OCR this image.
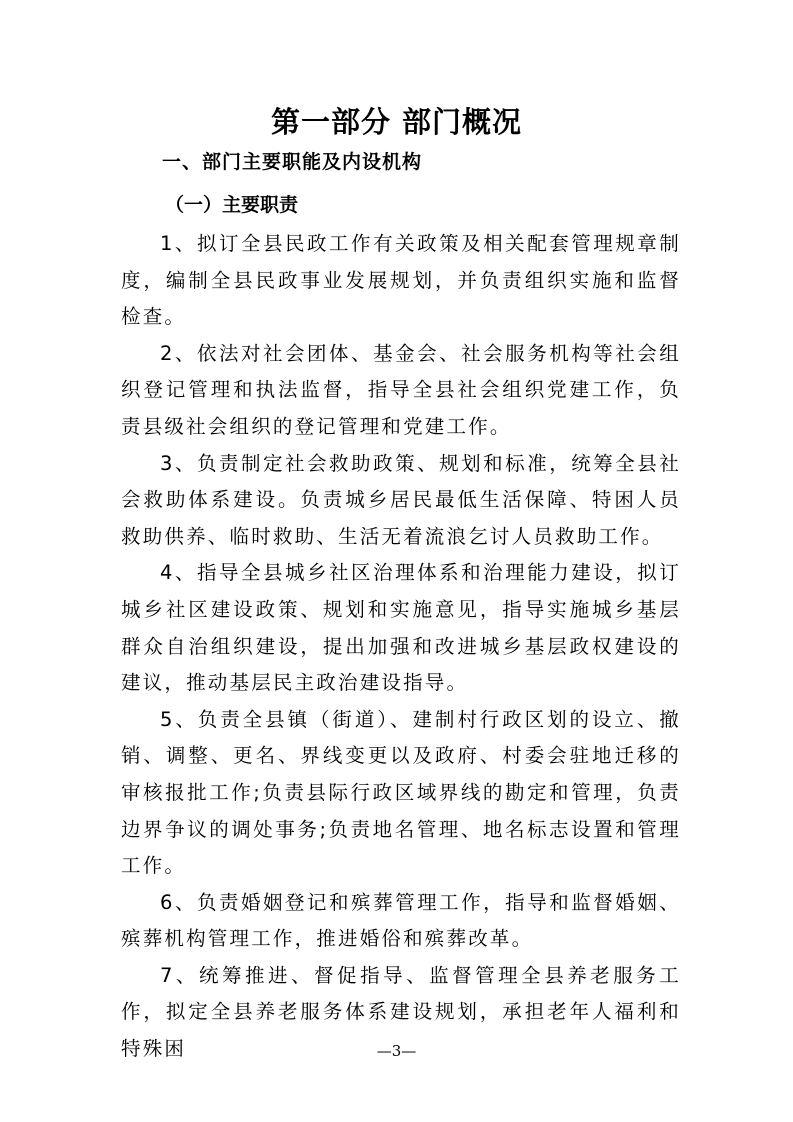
第一部分 部门概况
一、部门主要职能及内设机构
（一）主要职责

1、拟订全县民政工作有关政策及相关配套管理规章制度，编制全县民政事业发展规划，并负责组织实施和监督检查。

2、依法对社会团体、基金会、社会服务机构等社会组织登记管理和执法监督，指导全县社会组织党建工作，负责县级社会组织的登记管理和党建工作。

3、负责制定社会救助政策、规划和标准，统筹全县社会救助体系建设。负责城乡居民最低生活保障、特困人员救助供养、临时救助、生活无着流浪乞讨人员救助工作。

4、指导全县城乡社区治理体系和治理能力建设，拟订城乡社区建设政策、规划和实施意见，指导实施城乡基层群众自治组织建设，提出加强和改进城乡基层政权建设的建议，推动基层民主政治建设指导。

5、负责全县镇（街道）、建制村行政区划的设立、撤销、调整、更名、界线变更以及政府、村委会驻地迁移的审核报批工作;负责县际行政区域界线的勘定和管理，负责边界争议的调处事务;负责地名管理、地名标志设置和管理工作。

6、负责婚姻登记和殡葬管理工作，指导和监督婚姻、殡葬机构管理工作，推进婚俗和殡葬改革。

7、统筹推进、督促指导、监督管理全县养老服务工作，拟定全县养老服务体系建设规划，承担老年人福利和特殊困	—3—
